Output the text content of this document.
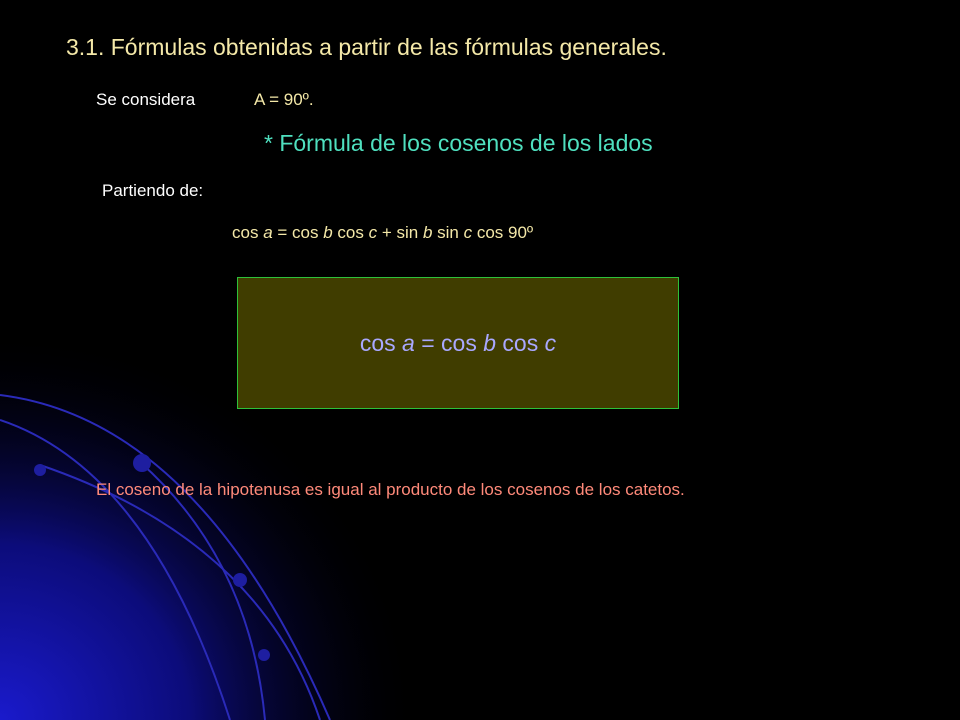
3.1. Fórmulas obtenidas a partir de las fórmulas generales.
Se considera	A = 90º.
* Fórmula de los cosenos de los lados
Partiendo de:
cos a = cos b cos c + sin b sin c cos 90º
cos a = cos b cos c
El coseno de la hipotenusa es igual al producto de los cosenos de los catetos.
